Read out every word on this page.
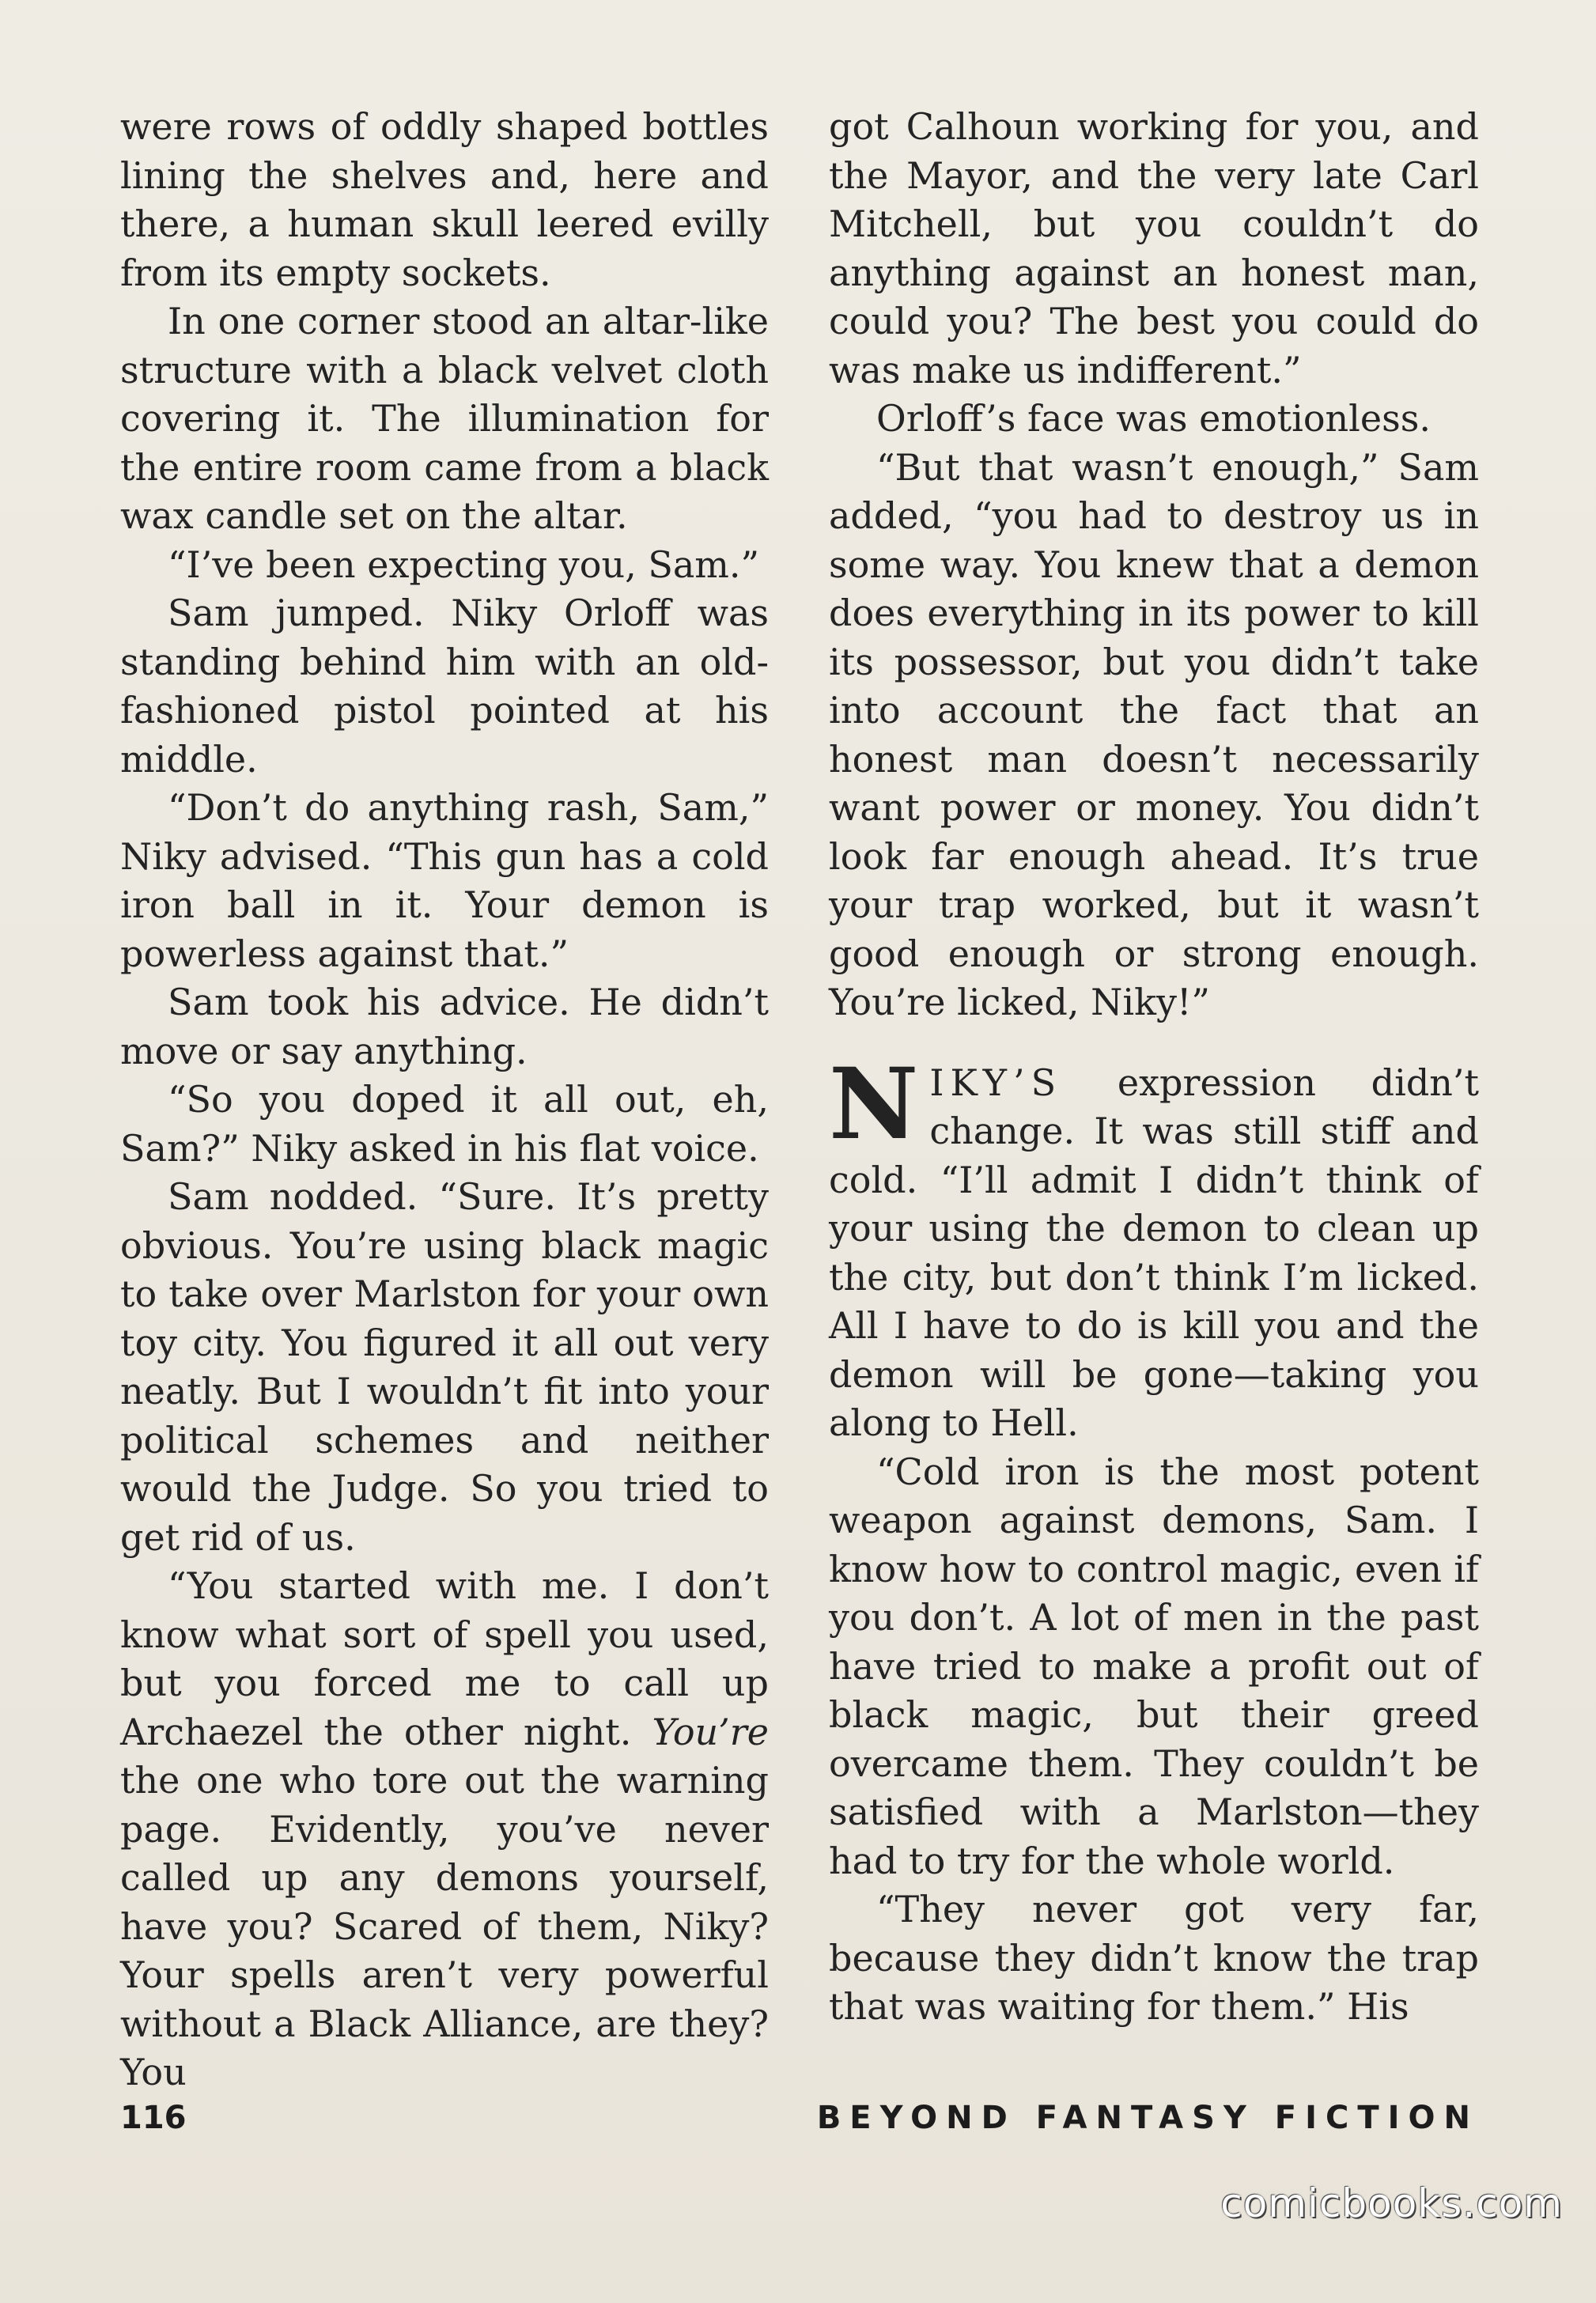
were rows of oddly shaped bottles lining the shelves and, here and there, a human skull leered evilly from its empty sockets.

In one corner stood an altar-like structure with a black velvet cloth covering it. The illumination for the entire room came from a black wax candle set on the altar.

“I’ve been expecting you, Sam.”

Sam jumped. Niky Orloff was standing behind him with an old-fashioned pistol pointed at his middle.

“Don’t do anything rash, Sam,” Niky advised. “This gun has a cold iron ball in it. Your demon is powerless against that.”

Sam took his advice. He didn’t move or say anything.

“So you doped it all out, eh, Sam?” Niky asked in his flat voice.

Sam nodded. “Sure. It’s pretty obvious. You’re using black magic to take over Marlston for your own toy city. You figured it all out very neatly. But I wouldn’t fit into your political schemes and neither would the Judge. So you tried to get rid of us.

“You started with me. I don’t know what sort of spell you used, but you forced me to call up Archaezel the other night. You’re the one who tore out the warning page. Evidently, you’ve never called up any demons yourself, have you? Scared of them, Niky? Your spells aren’t very powerful without a Black Alliance, are they? You

got Calhoun working for you, and the Mayor, and the very late Carl Mitchell, but you couldn’t do anything against an honest man, could you? The best you could do was make us indifferent.”

Orloff’s face was emotionless.

“But that wasn’t enough,” Sam added, “you had to destroy us in some way. You knew that a demon does everything in its power to kill its possessor, but you didn’t take into account the fact that an honest man doesn’t necessarily want power or money. You didn’t look far enough ahead. It’s true your trap worked, but it wasn’t good enough or strong enough. You’re licked, Niky!”

NIKY’S expression didn’t change. It was still stiff and cold. “I’ll admit I didn’t think of your using the demon to clean up the city, but don’t think I’m licked. All I have to do is kill you and the demon will be gone—taking you along to Hell.

“Cold iron is the most potent weapon against demons, Sam. I know how to control magic, even if you don’t. A lot of men in the past have tried to make a profit out of black magic, but their greed overcame them. They couldn’t be satisfied with a Marlston—they had to try for the whole world.

“They never got very far, because they didn’t know the trap that was waiting for them.” His

116	BEYOND FANTASY FICTION
comicbooks.com
